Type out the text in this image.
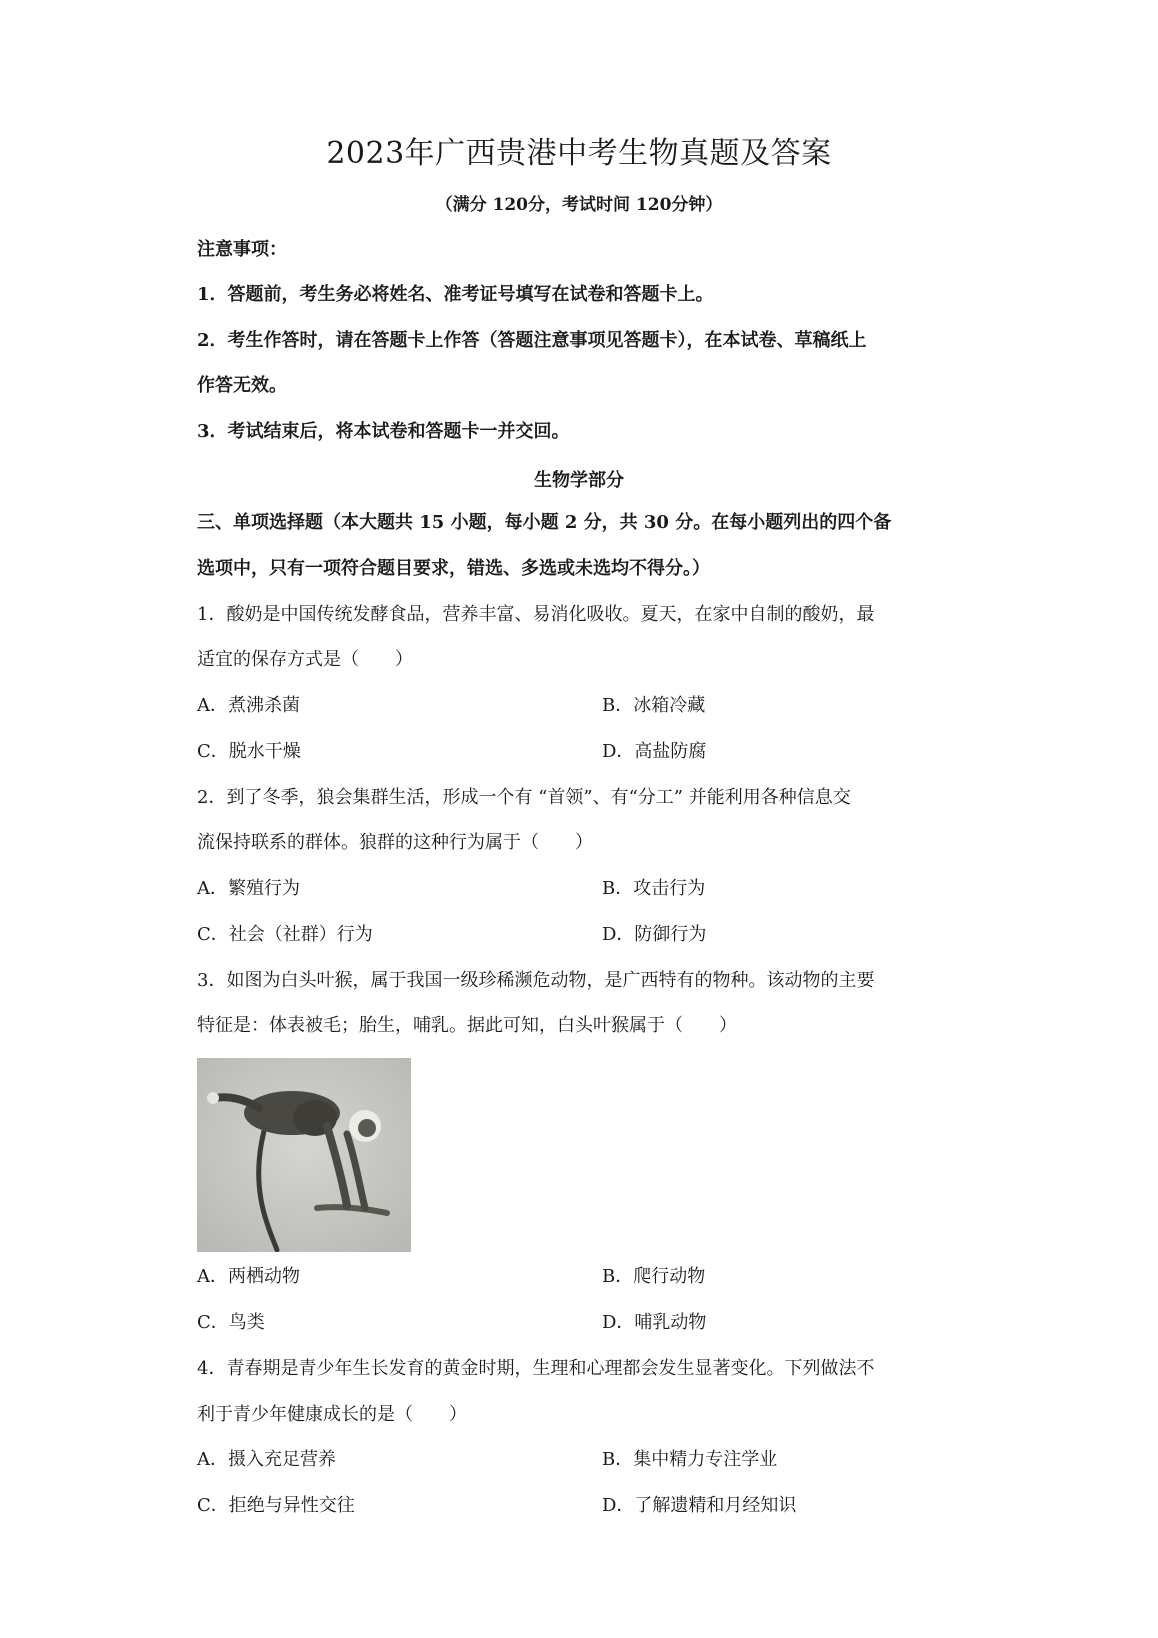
2023年广西贵港中考生物真题及答案
（满分 120分，考试时间 120分钟）
注意事项：
1．答题前，考生务必将姓名、准考证号填写在试卷和答题卡上。
2．考生作答时，请在答题卡上作答（答题注意事项见答题卡），在本试卷、草稿纸上
作答无效。
3．考试结束后，将本试卷和答题卡一并交回。
生物学部分
三、单项选择题（本大题共 15 小题，每小题 2 分，共 30 分。在每小题列出的四个备
选项中，只有一项符合题目要求，错选、多选或未选均不得分。）
1．酸奶是中国传统发酵食品，营养丰富、易消化吸收。夏天，在家中自制的酸奶，最
适宜的保存方式是（　　）
A．煮沸杀菌	B．冰箱冷藏
C．脱水干燥	D．高盐防腐
2．到了冬季，狼会集群生活，形成一个有 “首领”、有“分工” 并能利用各种信息交
流保持联系的群体。狼群的这种行为属于（　　）
A．繁殖行为	B．攻击行为
C．社会（社群）行为	D．防御行为
3．如图为白头叶猴，属于我国一级珍稀濒危动物，是广西特有的物种。该动物的主要
特征是：体表被毛；胎生，哺乳。据此可知，白头叶猴属于（　　）
A．两栖动物	B．爬行动物
C．鸟类	D．哺乳动物
4．青春期是青少年生长发育的黄金时期，生理和心理都会发生显著变化。下列做法不
利于青少年健康成长的是（　　）
A．摄入充足营养	B．集中精力专注学业
C．拒绝与异性交往	D．了解遗精和月经知识
